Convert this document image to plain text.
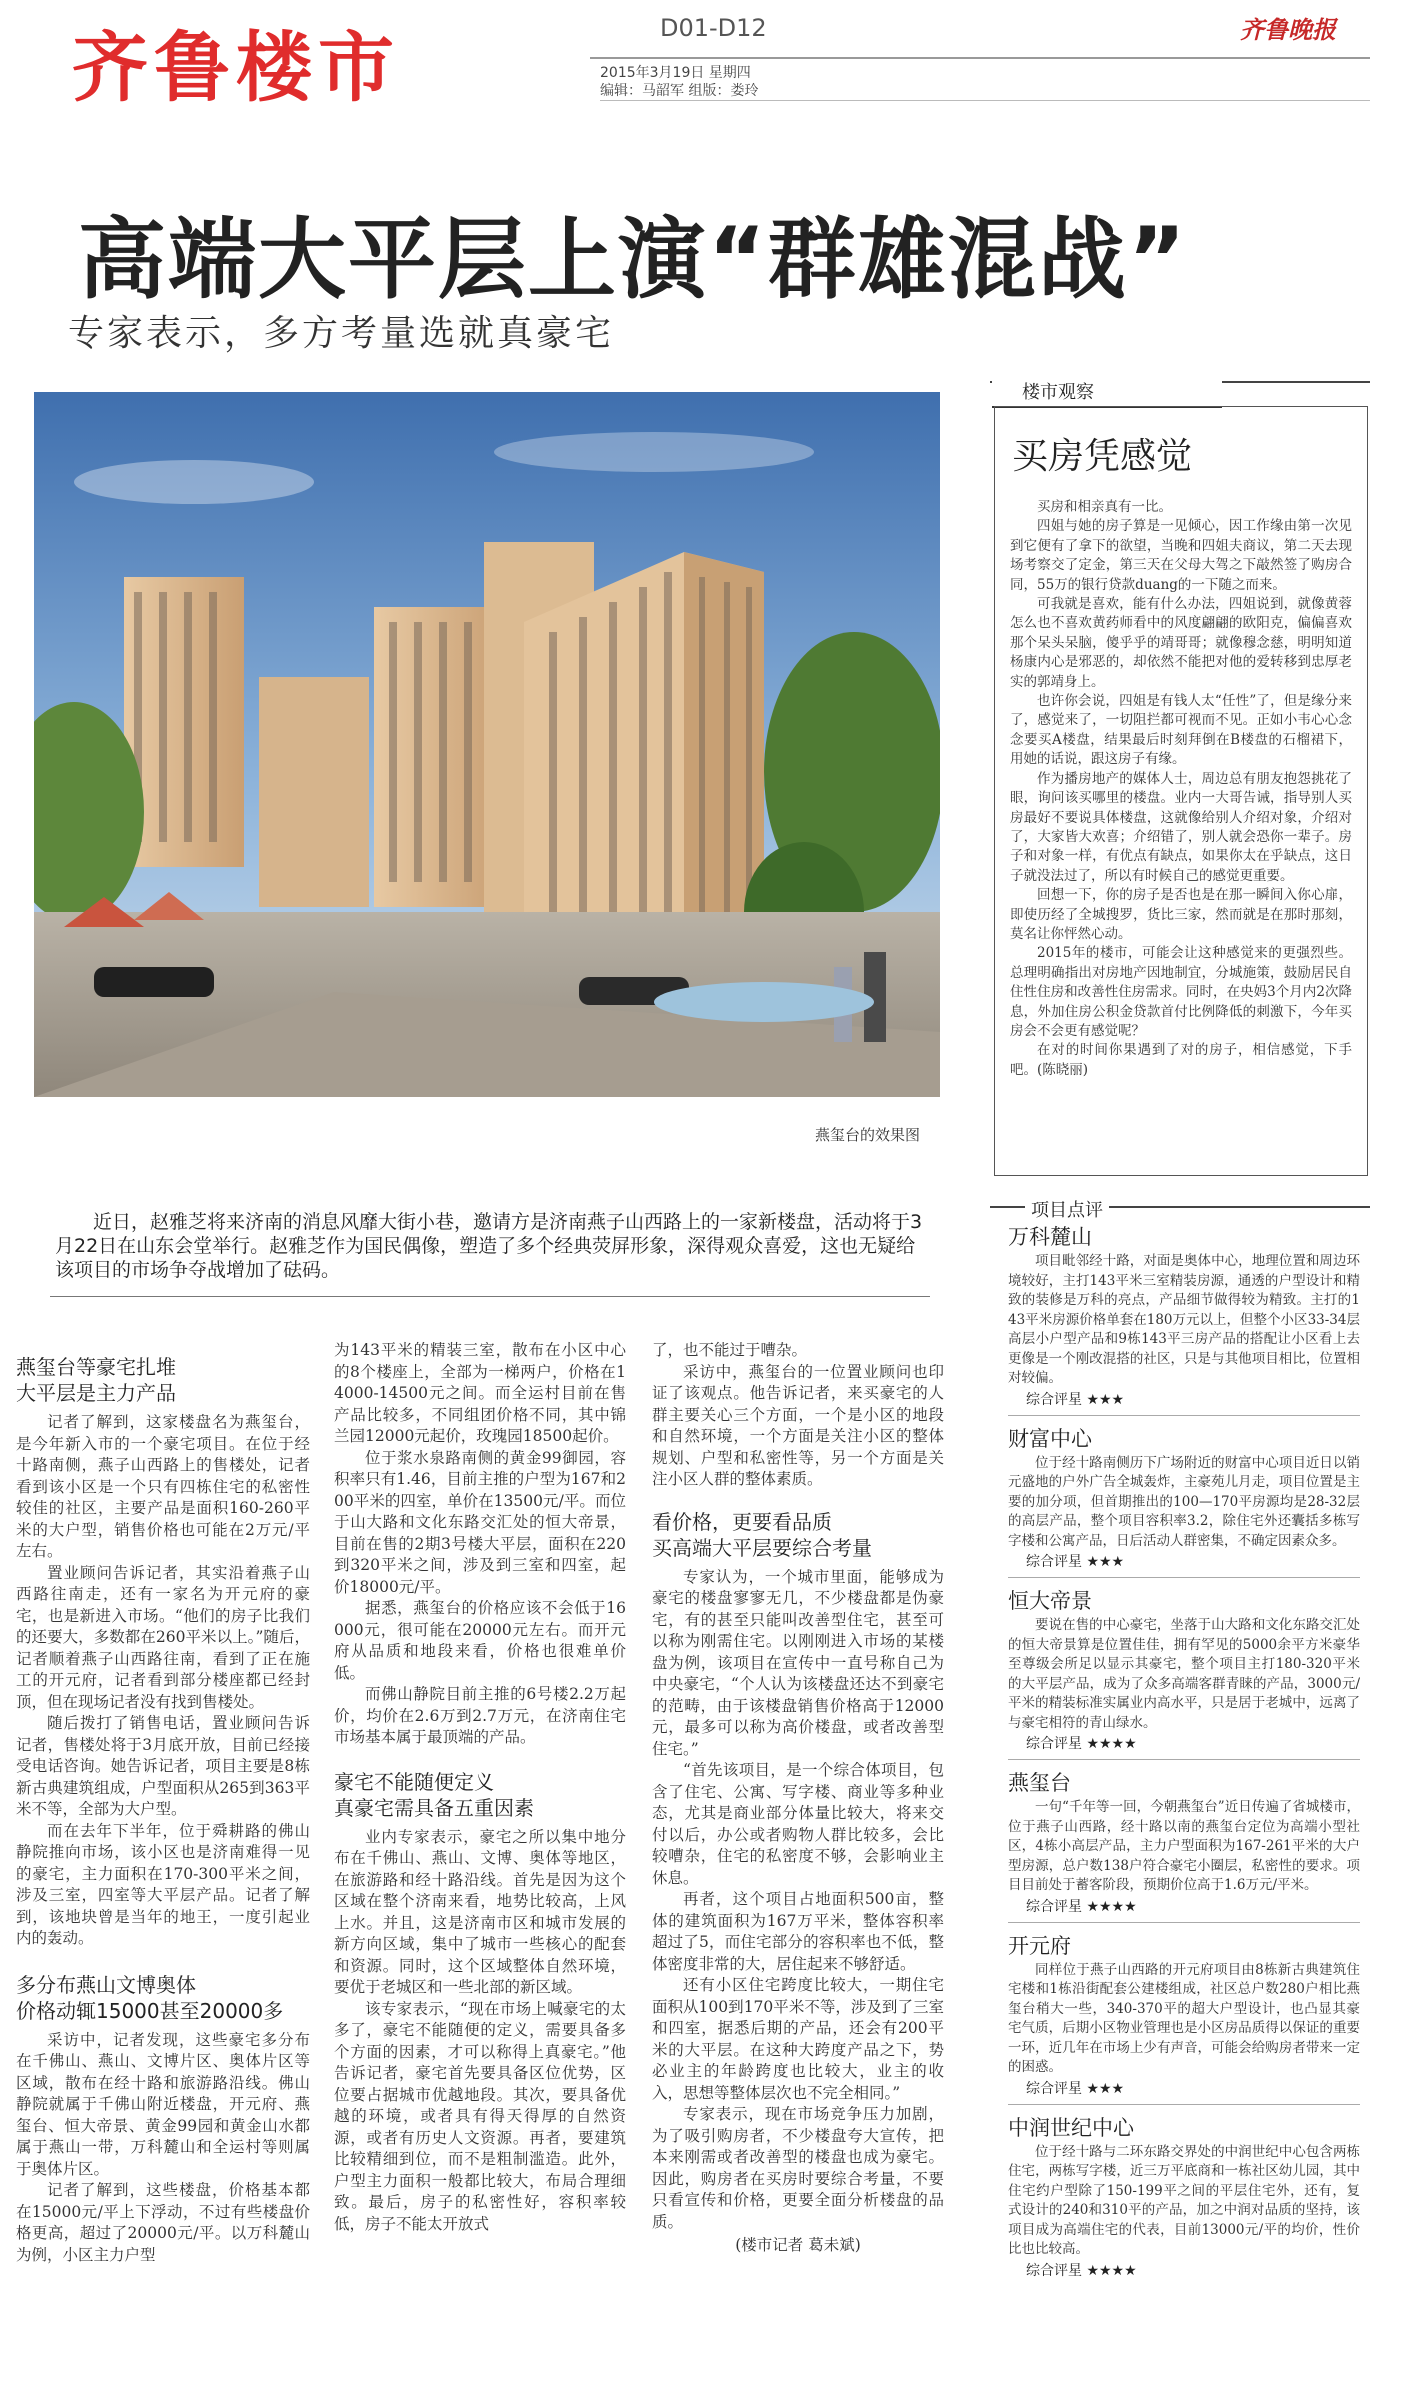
齐鲁楼市	D01-D12
2015年3月19日 星期四
编辑：马韶军 组版：娄玲
齐鲁晚报
高端大平层上演“群雄混战”
专家表示，多方考量选就真豪宅
燕玺台的效果图
近日，赵雅芝将来济南的消息风靡大街小巷，邀请方是济南燕子山西路上的一家新楼盘，活动将于3月22日在山东会堂举行。赵雅芝作为国民偶像，塑造了多个经典荧屏形象，深得观众喜爱，这也无疑给该项目的市场争夺战增加了砝码。
燕玺台等豪宅扎堆
大平层是主力产品

记者了解到，这家楼盘名为燕玺台，是今年新入市的一个豪宅项目。在位于经十路南侧，燕子山西路上的售楼处，记者看到该小区是一个只有四栋住宅的私密性较佳的社区，主要产品是面积160-260平米的大户型，销售价格也可能在2万元/平左右。

置业顾问告诉记者，其实沿着燕子山西路往南走，还有一家名为开元府的豪宅，也是新进入市场。“他们的房子比我们的还要大，多数都在260平米以上。”随后，记者顺着燕子山西路往南，看到了正在施工的开元府，记者看到部分楼座都已经封顶，但在现场记者没有找到售楼处。

随后拨打了销售电话，置业顾问告诉记者，售楼处将于3月底开放，目前已经接受电话咨询。她告诉记者，项目主要是8栋新古典建筑组成，户型面积从265到363平米不等，全部为大户型。

而在去年下半年，位于舜耕路的佛山静院推向市场，该小区也是济南难得一见的豪宅，主力面积在170-300平米之间，涉及三室，四室等大平层产品。记者了解到，该地块曾是当年的地王，一度引起业内的轰动。

多分布燕山文博奥体
价格动辄15000甚至20000多

采访中，记者发现，这些豪宅多分布在千佛山、燕山、文博片区、奥体片区等区域，散布在经十路和旅游路沿线。佛山静院就属于千佛山附近楼盘，开元府、燕玺台、恒大帝景、黄金99园和黄金山水都属于燕山一带，万科麓山和全运村等则属于奥体片区。

记者了解到，这些楼盘，价格基本都在15000元/平上下浮动，不过有些楼盘价格更高，超过了20000元/平。以万科麓山为例，小区主力户型

为143平米的精装三室，散布在小区中心的8个楼座上，全部为一梯两户，价格在14000-14500元之间。而全运村目前在售产品比较多，不同组团价格不同，其中锦兰园12000元起价，玫瑰园18500起价。

位于浆水泉路南侧的黄金99御园，容积率只有1.46，目前主推的户型为167和200平米的四室，单价在13500元/平。而位于山大路和文化东路交汇处的恒大帝景，目前在售的2期3号楼大平层，面积在220到320平米之间，涉及到三室和四室，起价18000元/平。

据悉，燕玺台的价格应该不会低于16000元，很可能在20000元左右。而开元府从品质和地段来看，价格也很难单价低。

而佛山静院目前主推的6号楼2.2万起价，均价在2.6万到2.7万元，在济南住宅市场基本属于最顶端的产品。

豪宅不能随便定义
真豪宅需具备五重因素

业内专家表示，豪宅之所以集中地分布在千佛山、燕山、文博、奥体等地区，在旅游路和经十路沿线。首先是因为这个区域在整个济南来看，地势比较高，上风上水。并且，这是济南市区和城市发展的新方向区域，集中了城市一些核心的配套和资源。同时，这个区域整体自然环境，要优于老城区和一些北部的新区域。

该专家表示，“现在市场上喊豪宅的太多了，豪宅不能随便的定义，需要具备多个方面的因素，才可以称得上真豪宅。”他告诉记者，豪宅首先要具备区位优势，区位要占据城市优越地段。其次，要具备优越的环境，或者具有得天得厚的自然资源，或者有历史人文资源。再者，要建筑比较精细到位，而不是粗制滥造。此外，户型主力面积一般都比较大，布局合理细致。最后，房子的私密性好，容积率较低，房子不能太开放式

了，也不能过于嘈杂。

采访中，燕玺台的一位置业顾问也印证了该观点。他告诉记者，来买豪宅的人群主要关心三个方面，一个是小区的地段和自然环境，一个方面是关注小区的整体规划、户型和私密性等，另一个方面是关注小区人群的整体素质。

看价格，更要看品质
买高端大平层要综合考量

专家认为，一个城市里面，能够成为豪宅的楼盘寥寥无几，不少楼盘都是伪豪宅，有的甚至只能叫改善型住宅，甚至可以称为刚需住宅。以刚刚进入市场的某楼盘为例，该项目在宣传中一直号称自己为中央豪宅，“个人认为该楼盘还达不到豪宅的范畴，由于该楼盘销售价格高于12000元，最多可以称为高价楼盘，或者改善型住宅。”

“首先该项目，是一个综合体项目，包含了住宅、公寓、写字楼、商业等多种业态，尤其是商业部分体量比较大，将来交付以后，办公或者购物人群比较多，会比较嘈杂，住宅的私密度不够，会影响业主休息。

再者，这个项目占地面积500亩，整体的建筑面积为167万平米，整体容积率超过了5，而住宅部分的容积率也不低，整体密度非常的大，居住起来不够舒适。

还有小区住宅跨度比较大，一期住宅面积从100到170平米不等，涉及到了三室和四室，据悉后期的产品，还会有200平米的大平层。在这种大跨度产品之下，势必业主的年龄跨度也比较大，业主的收入，思想等整体层次也不完全相同。”

专家表示，现在市场竞争压力加剧，为了吸引购房者，不少楼盘夸大宣传，把本来刚需或者改善型的楼盘也成为豪宅。因此，购房者在买房时要综合考量，不要只看宣传和价格，更要全面分析楼盘的品质。

(楼市记者 葛未斌)
楼市观察
买房凭感觉

买房和相亲真有一比。

四姐与她的房子算是一见倾心，因工作缘由第一次见到它便有了拿下的欲望，当晚和四姐夫商议，第二天去现场考察交了定金，第三天在父母大驾之下敲然签了购房合同，55万的银行贷款duang的一下随之而来。

可我就是喜欢，能有什么办法，四姐说到，就像黄蓉怎么也不喜欢黄药师看中的风度翩翩的欧阳克，偏偏喜欢那个呆头呆脑，傻乎乎的靖哥哥；就像穆念慈，明明知道杨康内心是邪恶的，却依然不能把对他的爱转移到忠厚老实的郭靖身上。

也许你会说，四姐是有钱人太“任性”了，但是缘分来了，感觉来了，一切阻拦都可视而不见。正如小韦心心念念要买A楼盘，结果最后时刻拜倒在B楼盘的石榴裙下，用她的话说，跟这房子有缘。

作为播房地产的媒体人士，周边总有朋友抱怨挑花了眼，询问该买哪里的楼盘。业内一大哥告诫，指导别人买房最好不要说具体楼盘，这就像给别人介绍对象，介绍对了，大家皆大欢喜；介绍错了，别人就会恐你一辈子。房子和对象一样，有优点有缺点，如果你太在乎缺点，这日子就没法过了，所以有时候自己的感觉更重要。

回想一下，你的房子是否也是在那一瞬间入你心扉，即使历经了全城搜罗，货比三家，然而就是在那时那刻，莫名让你怦然心动。

2015年的楼市，可能会让这种感觉来的更强烈些。总理明确指出对房地产因地制宜，分城施策，鼓励居民自住性住房和改善性住房需求。同时，在央妈3个月内2次降息，外加住房公积金贷款首付比例降低的刺激下，今年买房会不会更有感觉呢？

在对的时间你果遇到了对的房子，相信感觉，下手吧。(陈晓丽)

项目点评
万科麓山
项目毗邻经十路，对面是奥体中心，地理位置和周边环境较好，主打143平米三室精装房源，通透的户型设计和精致的装修是万科的亮点，产品细节做得较为精致。主打的143平米房源价格单套在180万元以上，但整个小区33-34层高层小户型产品和9栋143平三房产品的搭配让小区看上去更像是一个刚改混搭的社区，只是与其他项目相比，位置相对较偏。
综合评星 ★★★
财富中心
位于经十路南侧历下广场附近的财富中心项目近日以销元盛地的户外广告全城轰炸，主豪苑儿月走，项目位置是主要的加分项，但首期推出的100—170平房源均是28-32层的高层产品，整个项目容积率3.2，除住宅外还囊括多栋写字楼和公寓产品，日后活动人群密集，不确定因素众多。
综合评星 ★★★
恒大帝景
要说在售的中心豪宅，坐落于山大路和文化东路交汇处的恒大帝景算是位置佳佳，拥有罕见的5000余平方米豪华至尊级会所足以显示其豪宅，整个项目主打180-320平米的大平层产品，成为了众多高端客群青睐的产品，3000元/平米的精装标准实属业内高水平，只是居于老城中，远离了与豪宅相符的青山绿水。
综合评星 ★★★★
燕玺台
一句“千年等一回，今朝燕玺台”近日传遍了省城楼市，位于燕子山西路，经十路以南的燕玺台定位为高端小型社区，4栋小高层产品，主力户型面积为167-261平米的大户型房源，总户数138户符合豪宅小圈层，私密性的要求。项目目前处于蓄客阶段，预期价位高于1.6万元/平米。
综合评星 ★★★★
开元府
同样位于燕子山西路的开元府项目由8栋新古典建筑住宅楼和1栋沿街配套公建楼组成，社区总户数280户相比燕玺台稍大一些，340-370平的超大户型设计，也凸显其豪宅气质，后期小区物业管理也是小区房品质得以保证的重要一环，近几年在市场上少有声音，可能会给购房者带来一定的困惑。
综合评星 ★★★
中润世纪中心
位于经十路与二环东路交界处的中润世纪中心包含两栋住宅，两栋写字楼，近三万平底商和一栋社区幼儿园，其中住宅约户型除了150-199平之间的平层住宅外，还有，复式设计的240和310平的产品，加之中润对品质的坚持，该项目成为高端住宅的代表，目前13000元/平的均价，性价比也比较高。
综合评星 ★★★★
